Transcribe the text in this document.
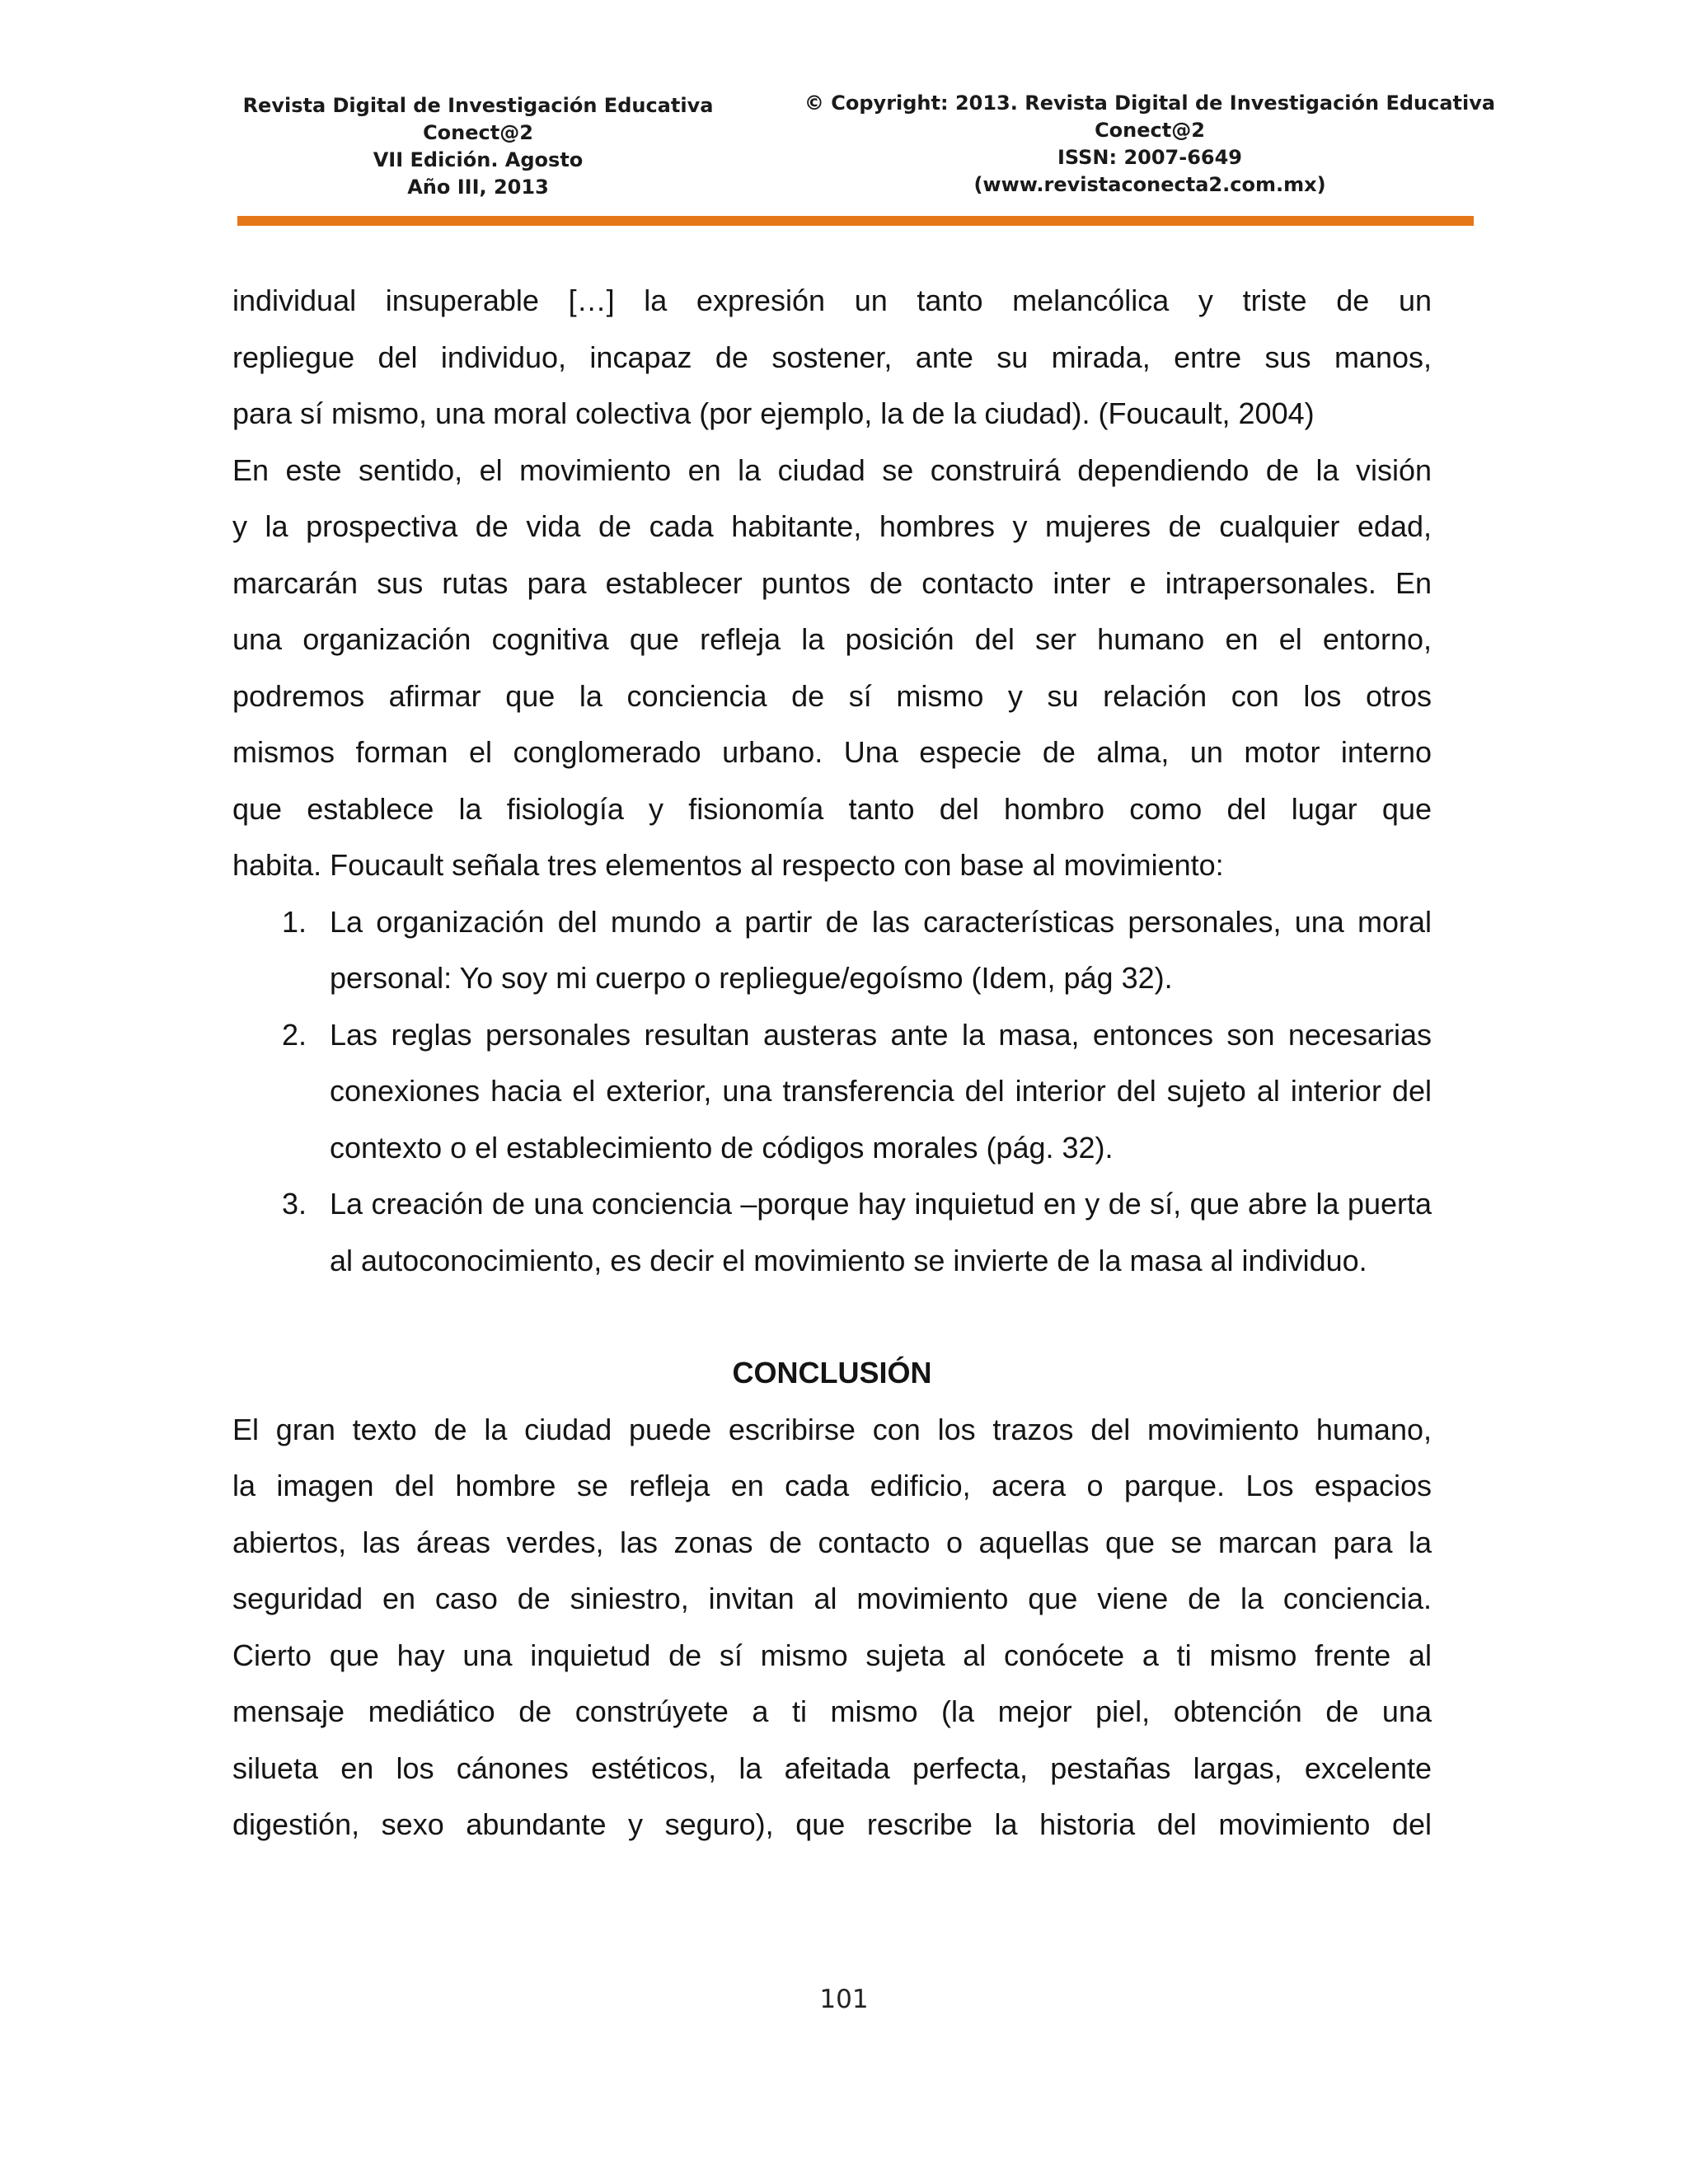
Revista Digital de Investigación Educativa
Conect@2
VII Edición. Agosto
Año III, 2013
© Copyright: 2013. Revista Digital de Investigación Educativa
Conect@2
ISSN: 2007-6649
(www.revistaconecta2.com.mx)

individual insuperable […] la expresión un tanto melancólica y triste de un

repliegue del individuo, incapaz de sostener, ante su mirada, entre sus manos,

para sí mismo, una moral colectiva (por ejemplo, la de la ciudad). (Foucault, 2004)

En este sentido, el movimiento en la ciudad se construirá dependiendo de la visión

y la prospectiva de vida de cada habitante, hombres y mujeres de cualquier edad,

marcarán sus rutas para establecer puntos de contacto inter e intrapersonales. En

una organización cognitiva que refleja la posición del ser humano en el entorno,

podremos afirmar que la conciencia de sí mismo y su relación con los otros

mismos forman el conglomerado urbano. Una especie de alma, un motor interno

que establece la fisiología y fisionomía tanto del hombro como del lugar que

habita. Foucault señala tres elementos al respecto con base al movimiento:

1. La organización del mundo a partir de las características personales, una moral personal: Yo soy mi cuerpo o repliegue/egoísmo (Idem, pág 32).
2. Las reglas personales resultan austeras ante la masa, entonces son necesarias conexiones hacia el exterior, una transferencia del interior del sujeto al interior del contexto o el establecimiento de códigos morales (pág. 32).
3. La creación de una conciencia –porque hay inquietud en y de sí, que abre la puerta al autoconocimiento, es decir el movimiento se invierte de la masa al individuo.
CONCLUSIÓN

El gran texto de la ciudad puede escribirse con los trazos del movimiento humano,

la imagen del hombre se refleja en cada edificio, acera o parque. Los espacios

abiertos, las áreas verdes, las zonas de contacto o aquellas que se marcan para la

seguridad en caso de siniestro, invitan al movimiento que viene de la conciencia.

Cierto que hay una inquietud de sí mismo sujeta al conócete a ti mismo frente al

mensaje mediático de constrúyete a ti mismo (la mejor piel, obtención de una

silueta en los cánones estéticos, la afeitada perfecta, pestañas largas, excelente

digestión, sexo abundante y seguro), que rescribe la historia del movimiento del

101
